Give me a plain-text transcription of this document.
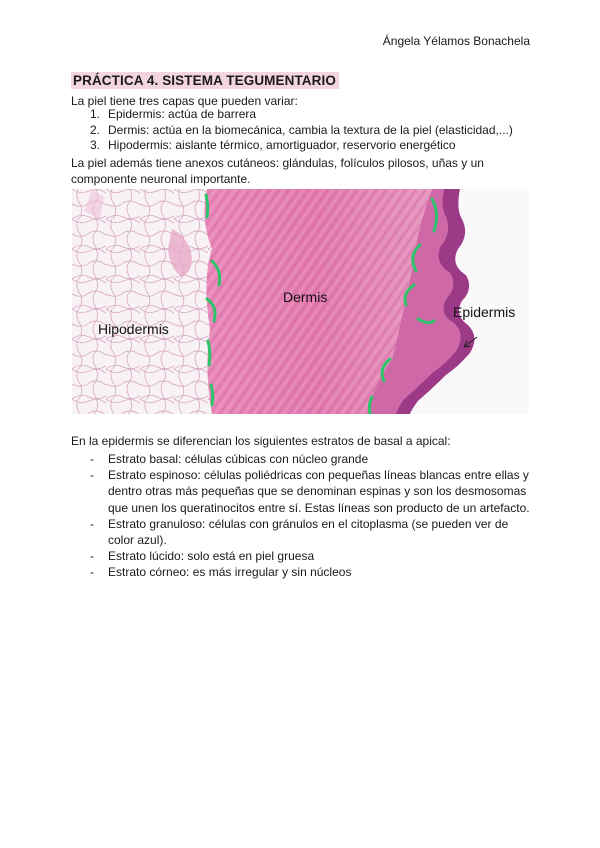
Ángela Yélamos Bonachela
PRÁCTICA 4. SISTEMA TEGUMENTARIO
La piel tiene tres capas que pueden variar:
1. Epidermis: actúa de barrera
2. Dermis: actúa en la biomecánica, cambia la textura de la piel (elasticidad,...)
3. Hipodermis: aislante térmico, amortiguador, reservorio energético
La piel además tiene anexos cutáneos: glándulas, folículos pilosos, uñas y un componente neuronal importante.
Hipodermis
Dermis
Epidermis
En la epidermis se diferencian los siguientes estratos de basal a apical:
-	Estrato basal: células cúbicas con núcleo grande
-	Estrato espinoso: células poliédricas con pequeñas líneas blancas entre ellas y dentro otras más pequeñas que se denominan espinas y son los desmosomas que unen los queratinocitos entre sí. Estas líneas son producto de un artefacto.
-	Estrato granuloso: células con gránulos en el citoplasma (se pueden ver de color azul).
-	Estrato lúcido: solo está en piel gruesa
-	Estrato córneo: es más irregular y sin núcleos
